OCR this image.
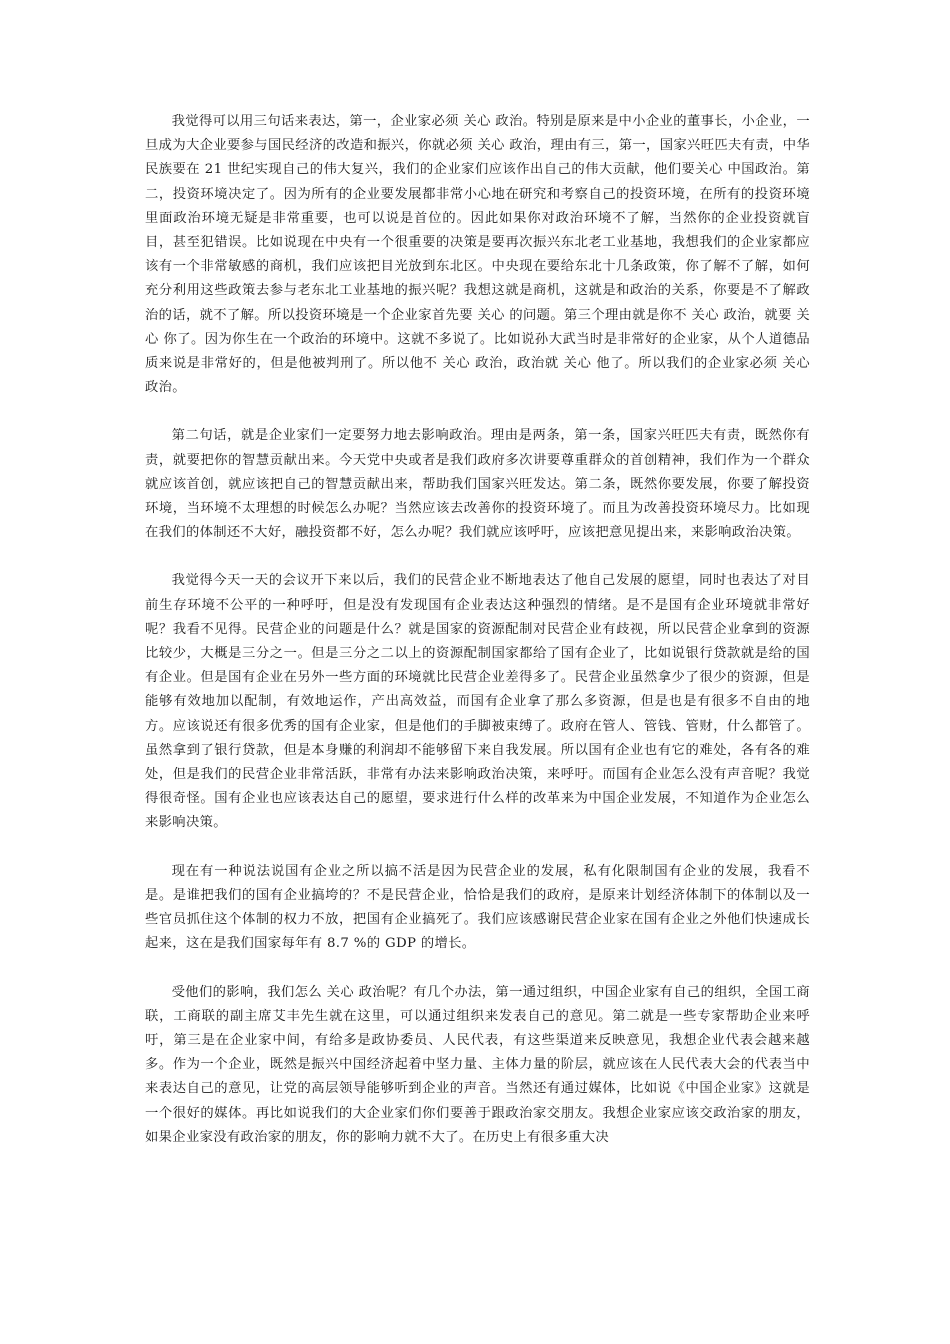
我觉得可以用三句话来表达，第一，企业家必须 关心 政治。特别是原来是中小企业的董事长，小企业，一旦成为大企业要参与国民经济的改造和振兴，你就必须 关心 政治，理由有三，第一，国家兴旺匹夫有责，中华民族要在 21 世纪实现自己的伟大复兴，我们的企业家们应该作出自己的伟大贡献，他们要关心 中国政治。第二，投资环境决定了。因为所有的企业要发展都非常小心地在研究和考察自己的投资环境，在所有的投资环境里面政治环境无疑是非常重要，也可以说是首位的。因此如果你对政治环境不了解，当然你的企业投资就盲目，甚至犯错误。比如说现在中央有一个很重要的决策是要再次振兴东北老工业基地，我想我们的企业家都应该有一个非常敏感的商机，我们应该把目光放到东北区。中央现在要给东北十几条政策，你了解不了解，如何充分利用这些政策去参与老东北工业基地的振兴呢？我想这就是商机，这就是和政治的关系，你要是不了解政治的话，就不了解。所以投资环境是一个企业家首先要 关心 的问题。第三个理由就是你不 关心 政治，就要 关心 你了。因为你生在一个政治的环境中。这就不多说了。比如说孙大武当时是非常好的企业家，从个人道德品质来说是非常好的，但是他被判刑了。所以他不 关心 政治，政治就 关心 他了。所以我们的企业家必须 关心 政治。

第二句话，就是企业家们一定要努力地去影响政治。理由是两条，第一条，国家兴旺匹夫有责，既然你有责，就要把你的智慧贡献出来。今天党中央或者是我们政府多次讲要尊重群众的首创精神，我们作为一个群众就应该首创，就应该把自己的智慧贡献出来，帮助我们国家兴旺发达。第二条，既然你要发展，你要了解投资环境，当环境不太理想的时候怎么办呢？当然应该去改善你的投资环境了。而且为改善投资环境尽力。比如现在我们的体制还不大好，融投资都不好，怎么办呢？我们就应该呼吁，应该把意见提出来，来影响政治决策。

我觉得今天一天的会议开下来以后，我们的民营企业不断地表达了他自己发展的愿望，同时也表达了对目前生存环境不公平的一种呼吁，但是没有发现国有企业表达这种强烈的情绪。是不是国有企业环境就非常好呢？我看不见得。民营企业的问题是什么？就是国家的资源配制对民营企业有歧视，所以民营企业拿到的资源比较少，大概是三分之一。但是三分之二以上的资源配制国家都给了国有企业了，比如说银行贷款就是给的国有企业。但是国有企业在另外一些方面的环境就比民营企业差得多了。民营企业虽然拿少了很少的资源，但是能够有效地加以配制，有效地运作，产出高效益，而国有企业拿了那么多资源，但是也是有很多不自由的地方。应该说还有很多优秀的国有企业家，但是他们的手脚被束缚了。政府在管人、管钱、管财，什么都管了。虽然拿到了银行贷款，但是本身赚的利润却不能够留下来自我发展。所以国有企业也有它的难处，各有各的难处，但是我们的民营企业非常活跃，非常有办法来影响政治决策，来呼吁。而国有企业怎么没有声音呢？我觉得很奇怪。国有企业也应该表达自己的愿望，要求进行什么样的改革来为中国企业发展，不知道作为企业怎么来影响决策。

现在有一种说法说国有企业之所以搞不活是因为民营企业的发展，私有化限制国有企业的发展，我看不是。是谁把我们的国有企业搞垮的？不是民营企业，恰恰是我们的政府，是原来计划经济体制下的体制以及一些官员抓住这个体制的权力不放，把国有企业搞死了。我们应该感谢民营企业家在国有企业之外他们快速成长起来，这在是我们国家每年有 8.7 %的 GDP 的增长。

受他们的影响，我们怎么 关心 政治呢？有几个办法，第一通过组织，中国企业家有自己的组织，全国工商联，工商联的副主席艾丰先生就在这里，可以通过组织来发表自己的意见。第二就是一些专家帮助企业来呼吁，第三是在企业家中间，有给多是政协委员、人民代表，有这些渠道来反映意见，我想企业代表会越来越多。作为一个企业，既然是振兴中国经济起着中坚力量、主体力量的阶层，就应该在人民代表大会的代表当中来表达自己的意见，让党的高层领导能够听到企业的声音。当然还有通过媒体，比如说《中国企业家》这就是一个很好的媒体。再比如说我们的大企业家们你们要善于跟政治家交朋友。我想企业家应该交政治家的朋友，如果企业家没有政治家的朋友，你的影响力就不大了。在历史上有很多重大决
